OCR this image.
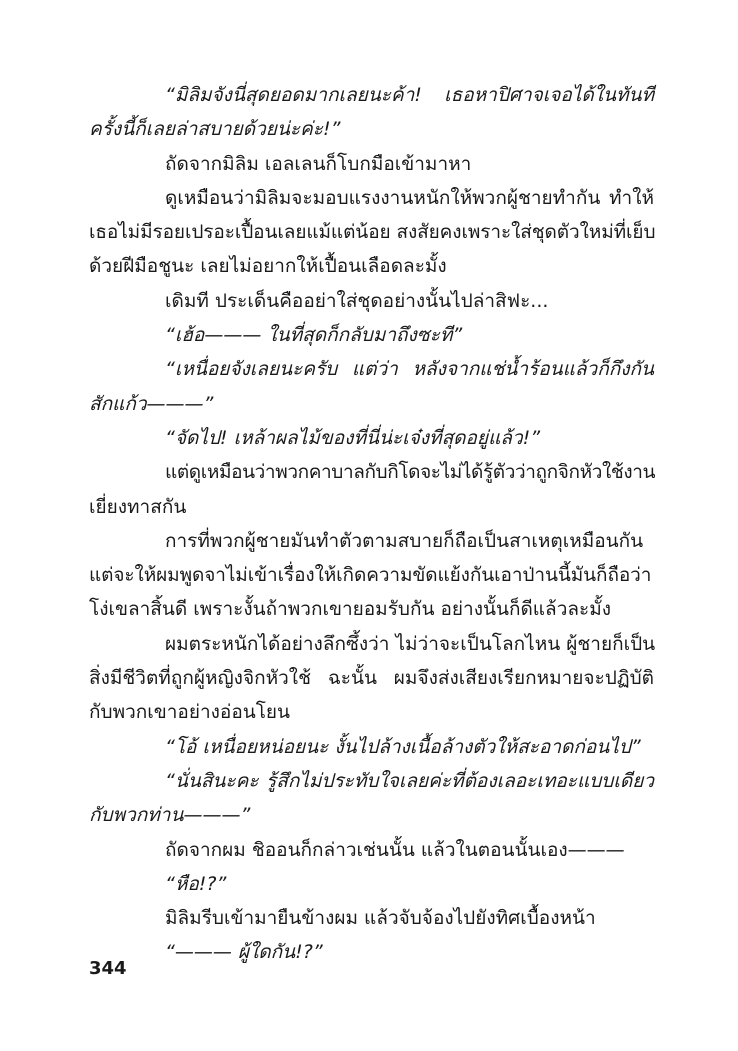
“มิลิมจังนี่สุดยอดมากเลยนะค้า! เธอหาปิศาจเจอได้ในทันที
ครั้งนี้ก็เลยล่าสบายด้วยน่ะค่ะ!”
ถัดจากมิลิม เอลเลนก็โบกมือเข้ามาหา
ดูเหมือนว่ามิลิมจะมอบแรงงานหนักให้พวกผู้ชายทำกัน ทำให้
เธอไม่มีรอยเปรอะเปื้อนเลยแม้แต่น้อย สงสัยคงเพราะใส่ชุดตัวใหม่ที่เย็บ
ด้วยฝีมือชูนะ เลยไม่อยากให้เปื้อนเลือดละมั้ง
เดิมที ประเด็นคืออย่าใส่ชุดอย่างนั้นไปล่าสิฟะ...
“เฮ้อ——— ในที่สุดก็กลับมาถึงซะที”
“เหนื่อยจังเลยนะครับ แต่ว่า หลังจากแช่น้ำร้อนแล้วก็กึงกัน
สักแก้ว———”
“จัดไป! เหล้าผลไม้ของที่นี่น่ะเจ๋งที่สุดอยู่แล้ว!”
แต่ดูเหมือนว่าพวกคาบาลกับกิโดจะไม่ได้รู้ตัวว่าถูกจิกหัวใช้งาน
เยี่ยงทาสกัน
การที่พวกผู้ชายมันทำตัวตามสบายก็ถือเป็นสาเหตุเหมือนกัน
แต่จะให้ผมพูดจาไม่เข้าเรื่องให้เกิดความขัดแย้งกันเอาป่านนี้มันก็ถือว่า
โง่เขลาสิ้นดี เพราะงั้นถ้าพวกเขายอมรับกัน อย่างนั้นก็ดีแล้วละมั้ง
ผมตระหนักได้อย่างลึกซึ้งว่า ไม่ว่าจะเป็นโลกไหน ผู้ชายก็เป็น
สิ่งมีชีวิตที่ถูกผู้หญิงจิกหัวใช้ ฉะนั้น ผมจึงส่งเสียงเรียกหมายจะปฏิบัติ
กับพวกเขาอย่างอ่อนโยน
“โอ้ เหนื่อยหน่อยนะ งั้นไปล้างเนื้อล้างตัวให้สะอาดก่อนไป”
“นั่นสินะคะ รู้สึกไม่ประทับใจเลยค่ะที่ต้องเลอะเทอะแบบเดียว
กับพวกท่าน———”
ถัดจากผม ชิออนก็กล่าวเช่นนั้น แล้วในตอนนั้นเอง———
“หือ!?”
มิลิมรีบเข้ามายืนข้างผม แล้วจับจ้องไปยังทิศเบื้องหน้า
“——— ผู้ใดกัน!?”
344
